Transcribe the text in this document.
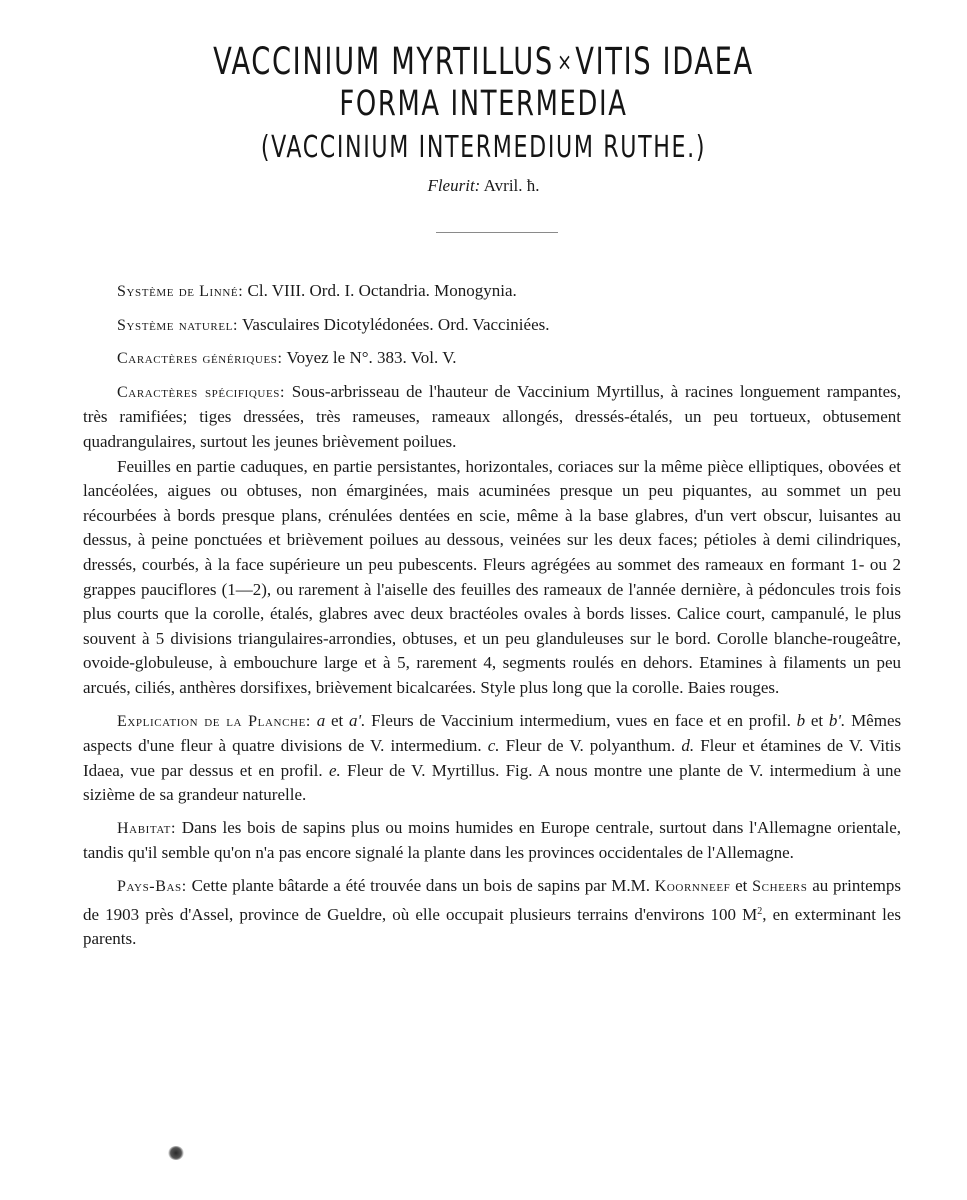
VACCINIUM MYRTILLUS ×VITIS IDAEA
FORMA INTERMEDIA
(VACCINIUM INTERMEDIUM RUTHE.)
Fleurit: Avril. ħ.

Système de Linné: Cl. VIII. Ord. I. Octandria. Monogynia.

Système naturel: Vasculaires Dicotylédonées. Ord. Vacciniées.

Caractères génériques: Voyez le N°. 383. Vol. V.

Caractères spécifiques: Sous-arbrisseau de l'hauteur de Vaccinium Myrtillus, à racines longuement rampantes, très ramifiées; tiges dressées, très rameuses, rameaux allongés, dressés-étalés, un peu tortueux, obtusement quadrangulaires, surtout les jeunes brièvement poilues.

Feuilles en partie caduques, en partie persistantes, horizontales, coriaces sur la même pièce elliptiques, obovées et lancéolées, aigues ou obtuses, non émarginées, mais acuminées presque un peu piquantes, au sommet un peu récourbées à bords presque plans, crénulées dentées en scie, même à la base glabres, d'un vert obscur, luisantes au dessus, à peine ponctuées et brièvement poilues au dessous, veinées sur les deux faces; pétioles à demi cilindriques, dressés, courbés, à la face supérieure un peu pubescents. Fleurs agrégées au sommet des rameaux en formant 1- ou 2 grappes pauciflores (1—2), ou rarement à l'aiselle des feuilles des rameaux de l'année dernière, à pédoncules trois fois plus courts que la corolle, étalés, glabres avec deux bractéoles ovales à bords lisses. Calice court, campanulé, le plus souvent à 5 divisions triangulaires-arrondies, obtuses, et un peu glanduleuses sur le bord. Corolle blanche-rougeâtre, ovoide-globuleuse, à embouchure large et à 5, rarement 4, segments roulés en dehors. Etamines à filaments un peu arcués, ciliés, anthères dorsifixes, brièvement bicalcarées. Style plus long que la corolle. Baies rouges.

Explication de la Planche: a et a'. Fleurs de Vaccinium intermedium, vues en face et en profil. b et b'. Mêmes aspects d'une fleur à quatre divisions de V. intermedium. c. Fleur de V. polyanthum. d. Fleur et étamines de V. Vitis Idaea, vue par dessus et en profil. e. Fleur de V. Myrtillus. Fig. A nous montre une plante de V. intermedium à une sizième de sa grandeur naturelle.

Habitat: Dans les bois de sapins plus ou moins humides en Europe centrale, surtout dans l'Allemagne orientale, tandis qu'il semble qu'on n'a pas encore signalé la plante dans les provinces occidentales de l'Allemagne.

Pays-Bas: Cette plante bâtarde a été trouvée dans un bois de sapins par M.M. Koornneef et Scheers au printemps de 1903 près d'Assel, province de Gueldre, où elle occupait plusieurs terrains d'environs 100 $M^2$, en exterminant les parents.
